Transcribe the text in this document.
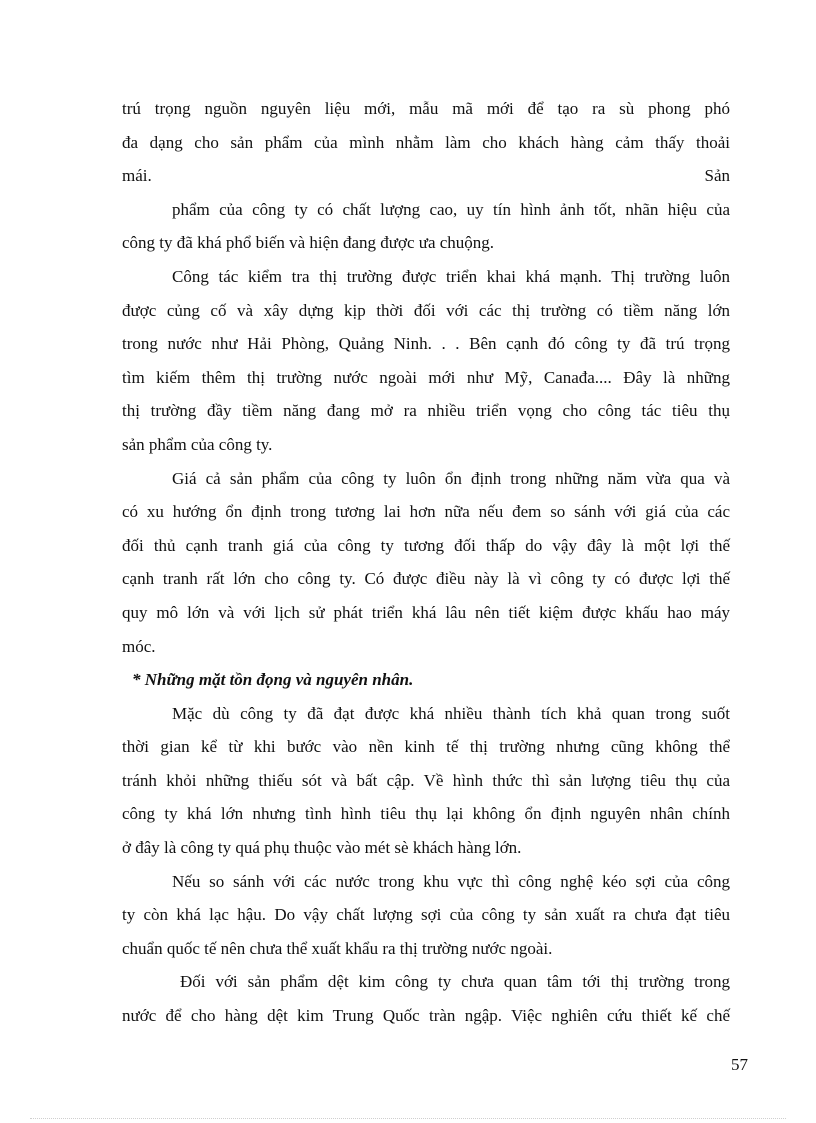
trú trọng nguồn nguyên liệu mới, mẫu mã mới để tạo ra sù phong phó
đa dạng cho sản phẩm của mình nhằm làm cho khách hàng cảm thấy thoải
mái.	Sản
phẩm của công ty có chất lượng cao, uy tín hình ảnh tốt, nhãn hiệu của
công ty đã khá phổ biến và hiện đang được ưa chuộng.
Công tác kiểm tra thị trường được triển khai khá mạnh. Thị trường luôn
được củng cố và xây dựng kịp thời đối với các thị trường có tiềm năng lớn
trong nước như Hải Phòng, Quảng Ninh. . . Bên cạnh đó công ty đã trú trọng
tìm kiếm thêm thị trường nước ngoài mới như Mỹ, Canađa.... Đây là những
thị trường đầy tiềm năng đang mở ra nhiều triển vọng cho công tác tiêu thụ
sản phẩm của công ty.
Giá cả sản phẩm của công ty luôn ổn định trong những năm vừa qua và
có xu hướng ổn định trong tương lai hơn nữa nếu đem so sánh với giá của các
đối thủ cạnh tranh giá của công ty tương đối thấp do vậy đây là một lợi thế
cạnh tranh rất lớn cho công ty. Có được điều này là vì công ty có được lợi thế
quy mô lớn và với lịch sử phát triển khá lâu nên tiết kiệm được khấu hao máy
móc.
* Những mặt tồn đọng và nguyên nhân.
Mặc dù công ty đã đạt được khá nhiều thành tích khả quan trong suốt
thời gian kể từ khi bước vào nền kinh tế thị trường nhưng cũng không thể
tránh khỏi những thiếu sót và bất cập. Về hình thức thì sản lượng tiêu thụ của
công ty khá lớn nhưng tình hình tiêu thụ lại không ổn định nguyên nhân chính
ở đây là công ty quá phụ thuộc vào mét sè khách hàng lớn.
Nếu so sánh với các nước trong khu vực thì công nghệ kéo sợi của công
ty còn khá lạc hậu. Do vậy chất lượng sợi của công ty sản xuất ra chưa đạt tiêu
chuẩn quốc tế nên chưa thể xuất khẩu ra thị trường nước ngoài.
Đối với sản phẩm dệt kim công ty chưa quan tâm tới thị trường trong
nước để cho hàng dệt kim Trung Quốc tràn ngập. Việc nghiên cứu thiết kế chế
57
